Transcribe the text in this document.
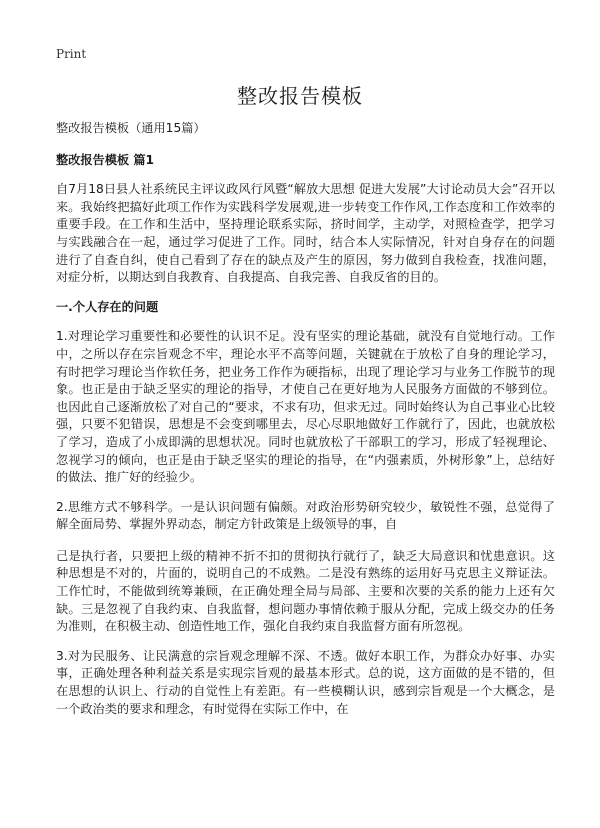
Print
整改报告模板

整改报告模板（通用15篇）

整改报告模板 篇1

自7月18日县人社系统民主评议政风行风暨“解放大思想 促进大发展”大讨论动员大会”召开以来。我始终把搞好此项工作作为实践科学发展观,进一步转变工作作风,工作态度和工作效率的重要手段。在工作和生活中，坚持理论联系实际，挤时间学，主动学，对照检查学，把学习与实践融合在一起，通过学习促进了工作。同时，结合本人实际情况，针对自身存在的问题进行了自查自纠，使自己看到了存在的缺点及产生的原因，努力做到自我检查，找准问题，对症分析，以期达到自我教育、自我提高、自我完善、自我反省的目的。

一.个人存在的问题

1.对理论学习重要性和必要性的认识不足。没有坚实的理论基础，就没有自觉地行动。工作中，之所以存在宗旨观念不牢，理论水平不高等问题，关键就在于放松了自身的理论学习，有时把学习理论当作软任务，把业务工作作为硬指标，出现了理论学习与业务工作脱节的现象。也正是由于缺乏坚实的理论的指导，才使自己在更好地为人民服务方面做的不够到位。也因此自己逐渐放松了对自己的“要求，不求有功，但求无过。同时始终认为自己事业心比较强，只要不犯错误，思想是不会变到哪里去，尽心尽职地做好工作就行了，因此，也就放松了学习，造成了小成即满的思想状况。同时也就放松了干部职工的学习，形成了轻视理论、忽视学习的倾向，也正是由于缺乏坚实的理论的指导，在“内强素质，外树形象”上，总结好的做法、推广好的经验少。

2.思维方式不够科学。一是认识问题有偏颇。对政治形势研究较少，敏锐性不强，总觉得了解全面局势、掌握外界动态，制定方针政策是上级领导的事，自

己是执行者，只要把上级的精神不折不扣的贯彻执行就行了，缺乏大局意识和忧患意识。这种思想是不对的，片面的，说明自己的不成熟。二是没有熟练的运用好马克思主义辩证法。工作忙时，不能做到统筹兼顾，在正确处理全局与局部、主要和次要的关系的能力上还有欠缺。三是忽视了自我约束、自我监督，想问题办事情依赖于服从分配，完成上级交办的任务为准则，在积极主动、创造性地工作，强化自我约束自我监督方面有所忽视。

3.对为民服务、让民满意的宗旨观念理解不深、不透。做好本职工作，为群众办好事、办实事，正确处理各种利益关系是实现宗旨观的最基本形式。总的说，这方面做的是不错的，但在思想的认识上、行动的自觉性上有差距。有一些模糊认识，感到宗旨观是一个大概念，是一个政治类的要求和理念，有时觉得在实际工作中，在
